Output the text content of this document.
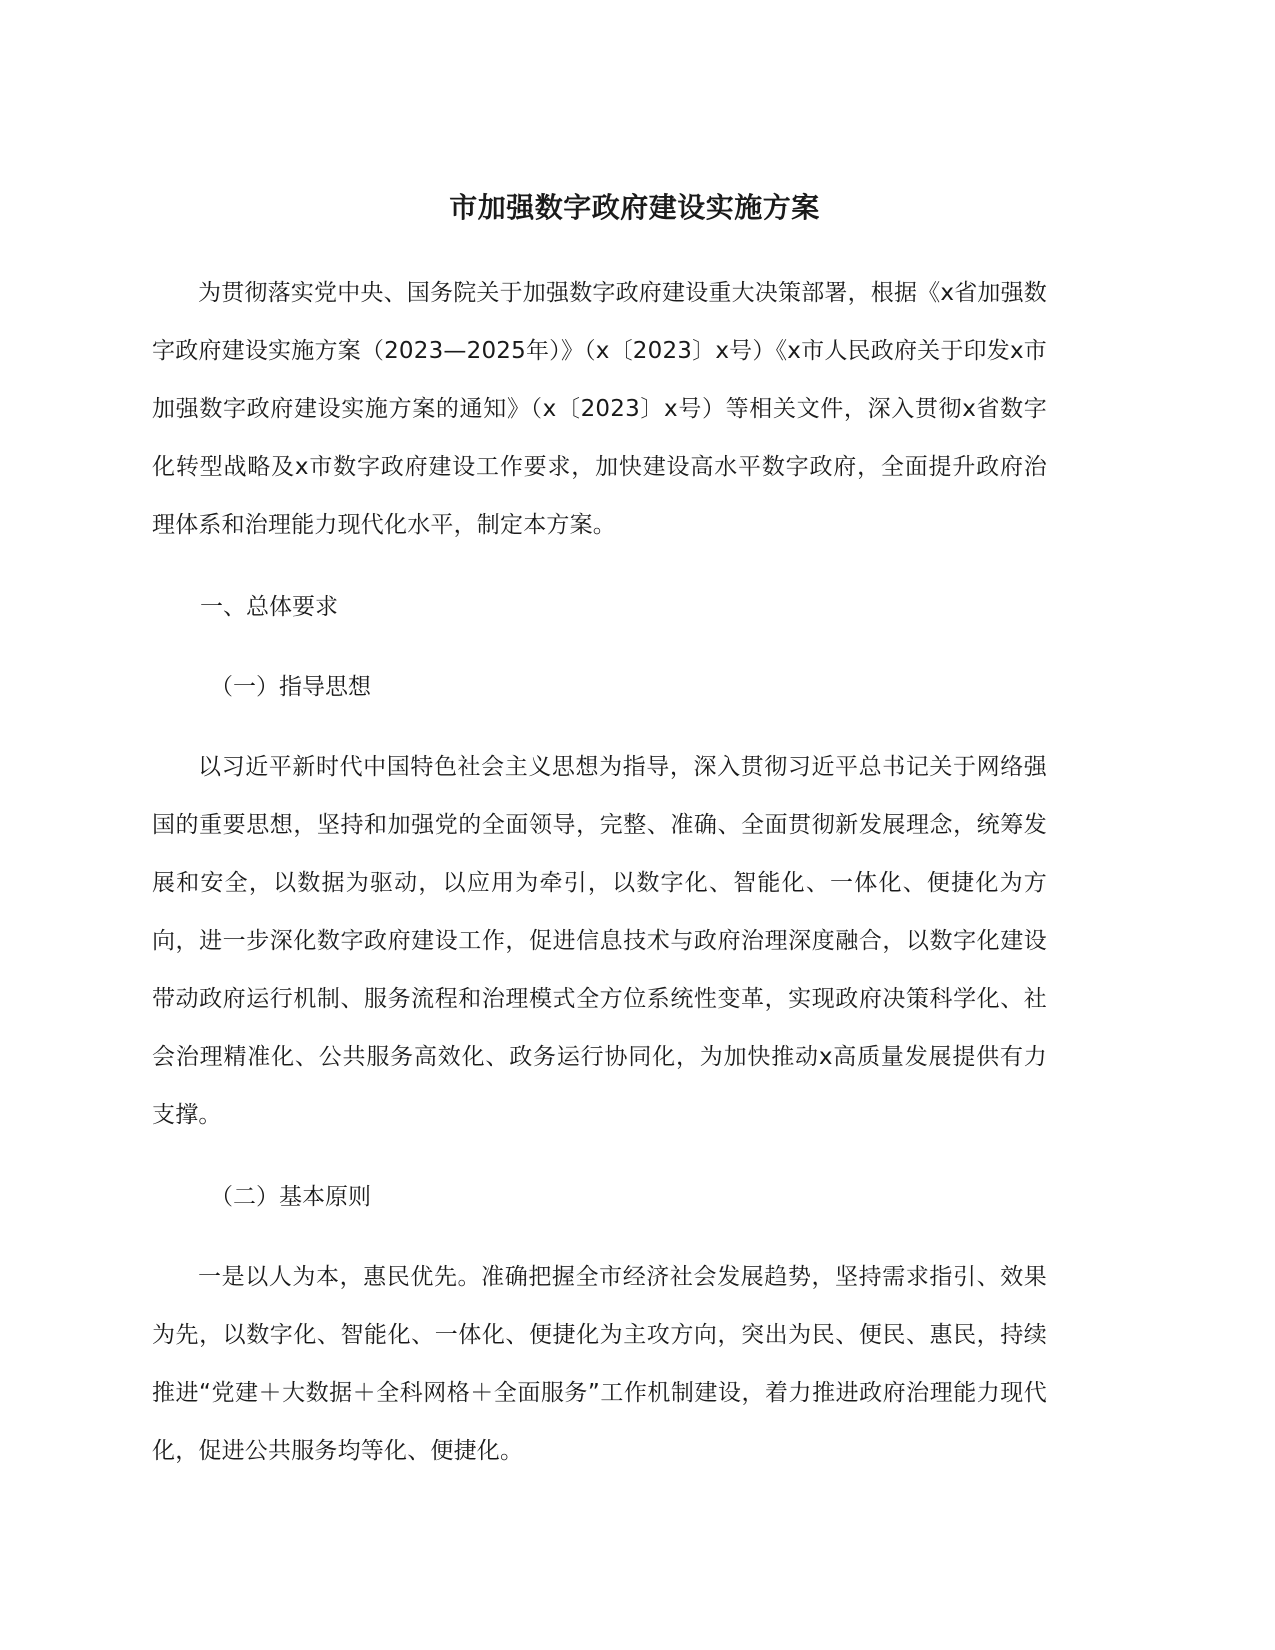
市加强数字政府建设实施方案

为贯彻落实党中央、国务院关于加强数字政府建设重大决策部署，根据《x省加强数字政府建设实施方案（2023—2025年）》（x〔2023〕x号）《x市人民政府关于印发x市加强数字政府建设实施方案的通知》（x〔2023〕x号）等相关文件，深入贯彻x省数字化转型战略及x市数字政府建设工作要求，加快建设高水平数字政府，全面提升政府治理体系和治理能力现代化水平，制定本方案。

一、总体要求

（一）指导思想

以习近平新时代中国特色社会主义思想为指导，深入贯彻习近平总书记关于网络强国的重要思想，坚持和加强党的全面领导，完整、准确、全面贯彻新发展理念，统筹发展和安全，以数据为驱动，以应用为牵引，以数字化、智能化、一体化、便捷化为方向，进一步深化数字政府建设工作，促进信息技术与政府治理深度融合，以数字化建设带动政府运行机制、服务流程和治理模式全方位系统性变革，实现政府决策科学化、社会治理精准化、公共服务高效化、政务运行协同化，为加快推动x高质量发展提供有力支撑。

（二）基本原则

一是以人为本，惠民优先。准确把握全市经济社会发展趋势，坚持需求指引、效果为先，以数字化、智能化、一体化、便捷化为主攻方向，突出为民、便民、惠民，持续推进“党建＋大数据＋全科网格＋全面服务”工作机制建设，着力推进政府治理能力现代化，促进公共服务均等化、便捷化。
